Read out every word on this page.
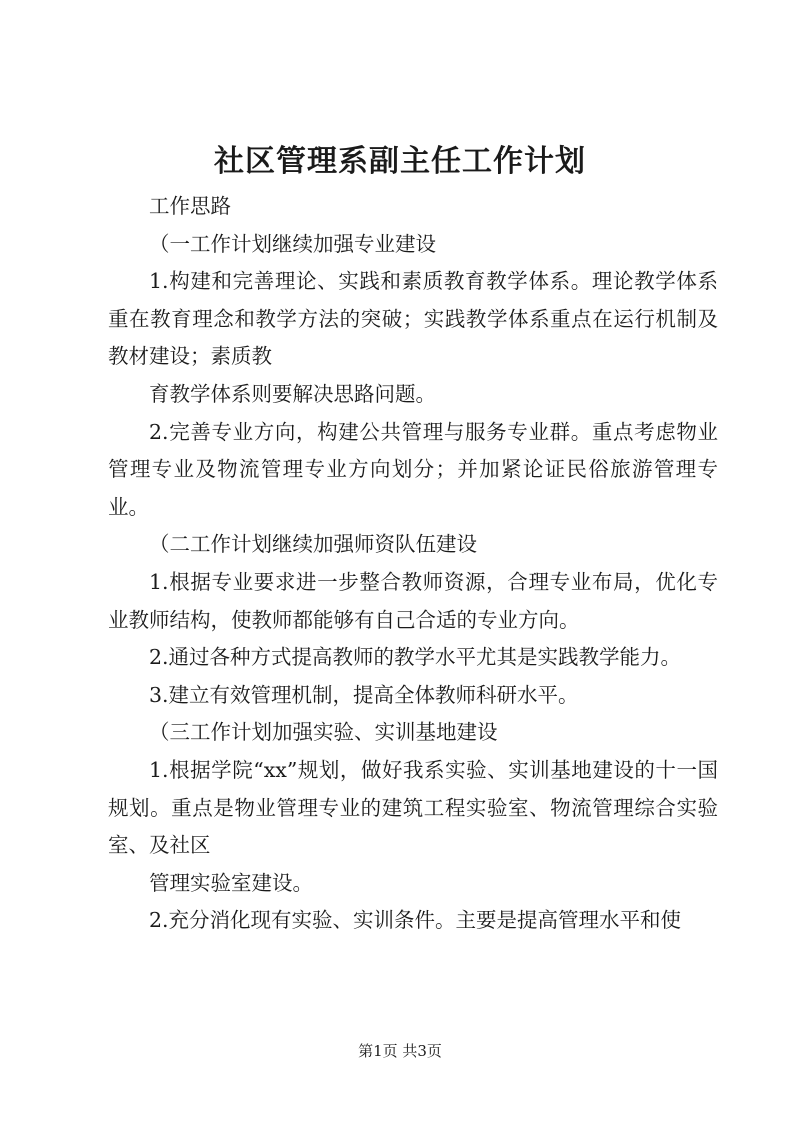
社区管理系副主任工作计划

工作思路

（一工作计划继续加强专业建设

1.构建和完善理论、实践和素质教育教学体系。理论教学体系重在教育理念和教学方法的突破；实践教学体系重点在运行机制及教材建设；素质教

育教学体系则要解决思路问题。

2.完善专业方向，构建公共管理与服务专业群。重点考虑物业管理专业及物流管理专业方向划分；并加紧论证民俗旅游管理专业。

（二工作计划继续加强师资队伍建设

1.根据专业要求进一步整合教师资源，合理专业布局，优化专业教师结构，使教师都能够有自己合适的专业方向。

2.通过各种方式提高教师的教学水平尤其是实践教学能力。

3.建立有效管理机制，提高全体教师科研水平。

（三工作计划加强实验、实训基地建设

1.根据学院“xx”规划，做好我系实验、实训基地建设的十一国规划。重点是物业管理专业的建筑工程实验室、物流管理综合实验室、及社区

管理实验室建设。

2.充分消化现有实验、实训条件。主要是提高管理水平和使

第1页 共3页
